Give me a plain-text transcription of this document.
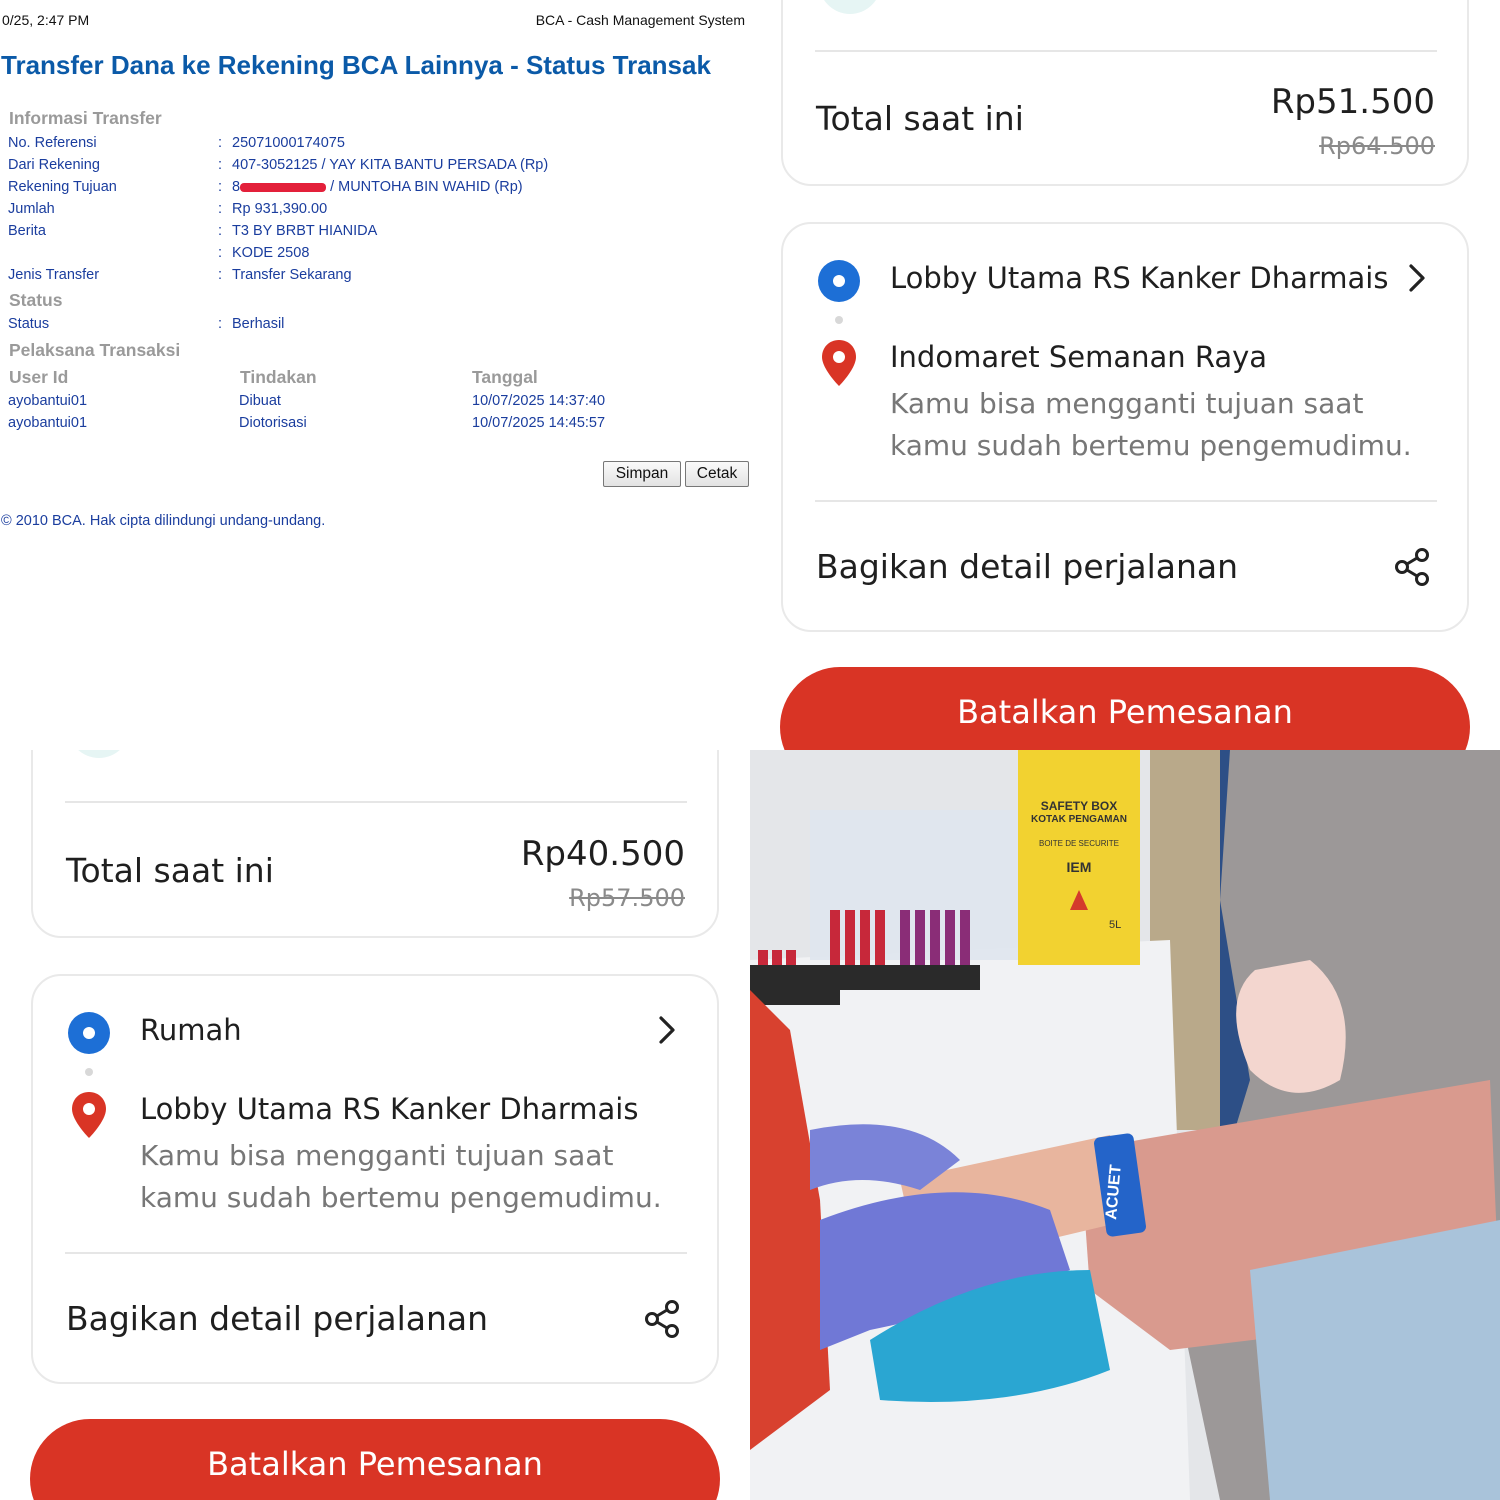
0/25, 2:47 PM	BCA - Cash Management System
Transfer Dana ke Rekening BCA Lainnya - Status Transak
Informasi Transfer
No. Referensi	: 25071000174075
Dari Rekening	: 407-3052125 / YAY KITA BANTU PERSADA (Rp)
Rekening Tujuan	: 8	/ MUNTOHA BIN WAHID (Rp)
Jumlah	: Rp 931,390.00
Berita	: T3 BY BRBT HIANIDA
: KODE 2508
Jenis Transfer	: Transfer Sekarang
Status
Status	: Berhasil
Pelaksana Transaksi
User Id	Tindakan	Tanggal
ayobantui01	Dibuat	10/07/2025 14:37:40
ayobantui01	Diotorisasi	10/07/2025 14:45:57
Simpan	Cetak
© 2010 BCA. Hak cipta dilindungi undang-undang.
Total saat ini	Rp51.500
Rp64.500
Lobby Utama RS Kanker Dharmais
Indomaret Semanan Raya
Kamu bisa mengganti tujuan saat kamu sudah bertemu pengemudimu.
Bagikan detail perjalanan
Batalkan Pemesanan
Total saat ini	Rp40.500
Rp57.500
Rumah
Lobby Utama RS Kanker Dharmais
Kamu bisa mengganti tujuan saat kamu sudah bertemu pengemudimu.
Bagikan detail perjalanan
Batalkan Pemesanan
SAFETY BOX
KOTAK PENGAMAN
BOITE DE SECURITE
IEM
5L
ACUET
